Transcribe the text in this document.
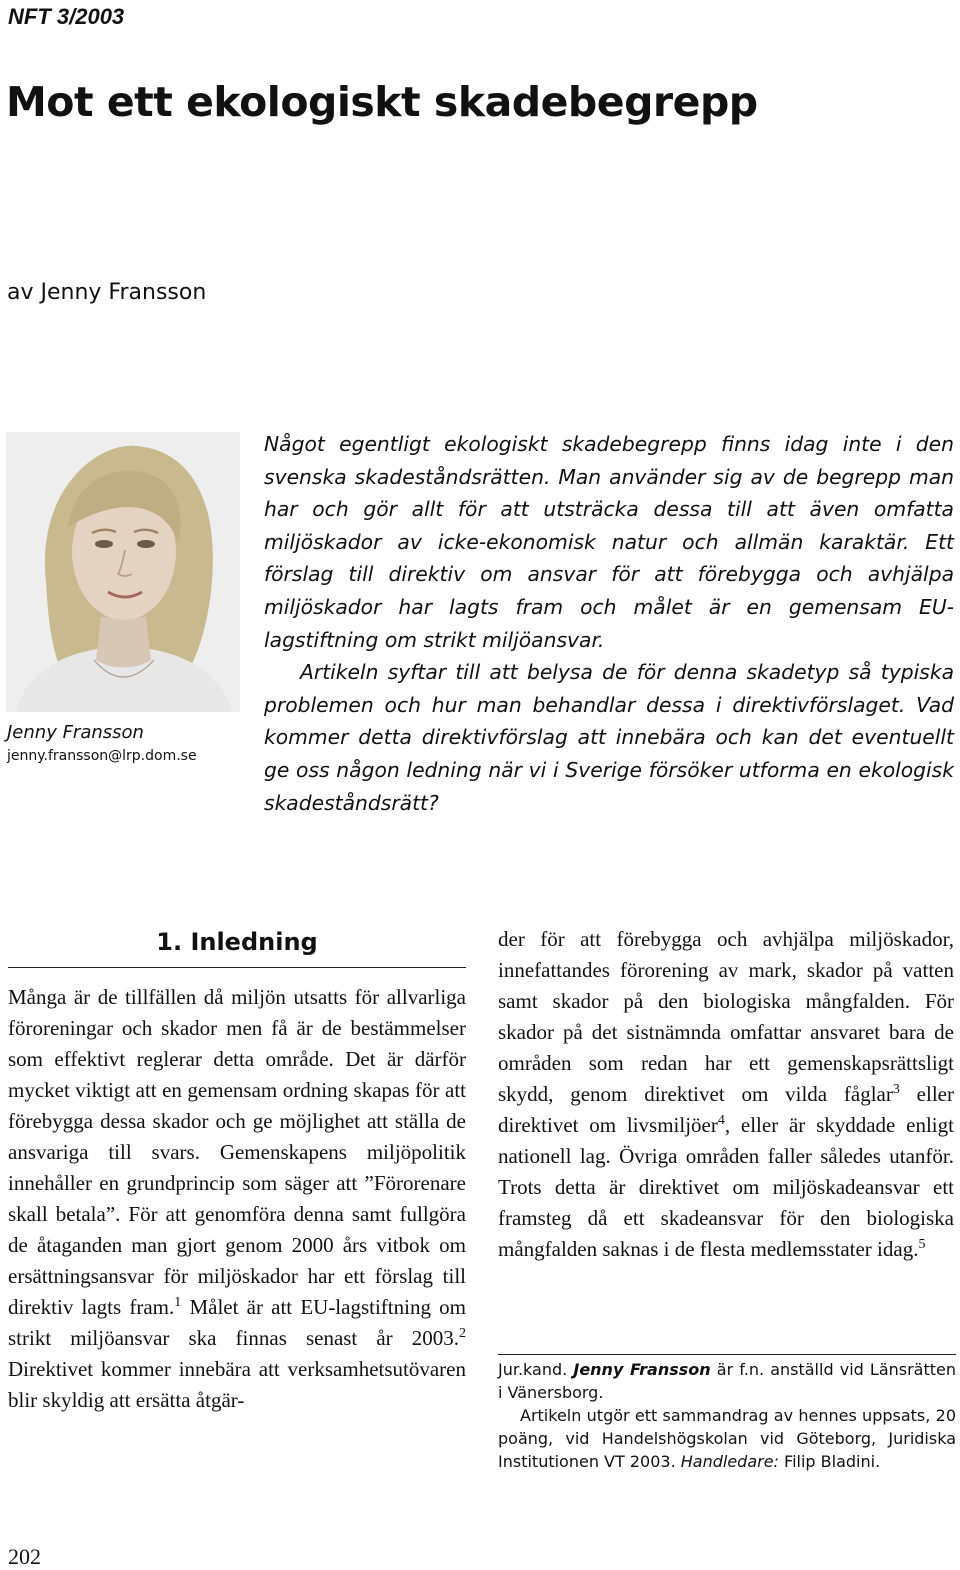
NFT 3/2003
Mot ett ekologiskt skadebegrepp
av Jenny Fransson
Jenny Fransson
jenny.fransson@lrp.dom.se

Något egentligt ekologiskt skadebegrepp finns idag inte i den svenska skadeståndsrätten. Man använder sig av de begrepp man har och gör allt för att utsträcka dessa till att även omfatta miljöskador av icke-ekonomisk natur och allmän karaktär. Ett förslag till direktiv om ansvar för att förebygga och avhjälpa miljöskador har lagts fram och målet är en gemensam EU-lagstiftning om strikt miljöansvar.

Artikeln syftar till att belysa de för denna skadetyp så typiska problemen och hur man behandlar dessa i direktivförslaget. Vad kommer detta direktivförslag att innebära och kan det eventuellt ge oss någon ledning när vi i Sverige försöker utforma en ekologisk skadeståndsrätt?

1. Inledning

Många är de tillfällen då miljön utsatts för allvarliga föroreningar och skador men få är de bestämmelser som effektivt reglerar detta område. Det är därför mycket viktigt att en gemensam ordning skapas för att förebygga dessa skador och ge möjlighet att ställa de ansvariga till svars. Gemenskapens miljöpolitik innehåller en grundprincip som säger att ”Förorenare skall betala”. För att genomföra denna samt fullgöra de åtaganden man gjort genom 2000 års vitbok om ersättningsansvar för miljöskador har ett förslag till direktiv lagts fram.$^1$ Målet är att EU-lagstiftning om strikt miljöansvar ska finnas senast år 2003.$^2$ Direktivet kommer innebära att verksamhetsutövaren blir skyldig att ersätta åtgär-

der för att förebygga och avhjälpa miljöskador, innefattandes förorening av mark, skador på vatten samt skador på den biologiska mångfalden. För skador på det sistnämnda omfattar ansvaret bara de områden som redan har ett gemenskapsrättsligt skydd, genom direktivet om vilda fåglar$^3$ eller direktivet om livsmiljöer$^4$, eller är skyddade enligt nationell lag. Övriga områden faller således utanför. Trots detta är direktivet om miljöskadeansvar ett framsteg då ett skadeansvar för den biologiska mångfalden saknas i de flesta medlemsstater idag.$^5$

Jur.kand. Jenny Fransson är f.n. anställd vid Länsrätten i Vänersborg.

Artikeln utgör ett sammandrag av hennes uppsats, 20 poäng, vid Handelshögskolan vid Göteborg, Juridiska Institutionen VT 2003. Handledare: Filip Bladini.

202
